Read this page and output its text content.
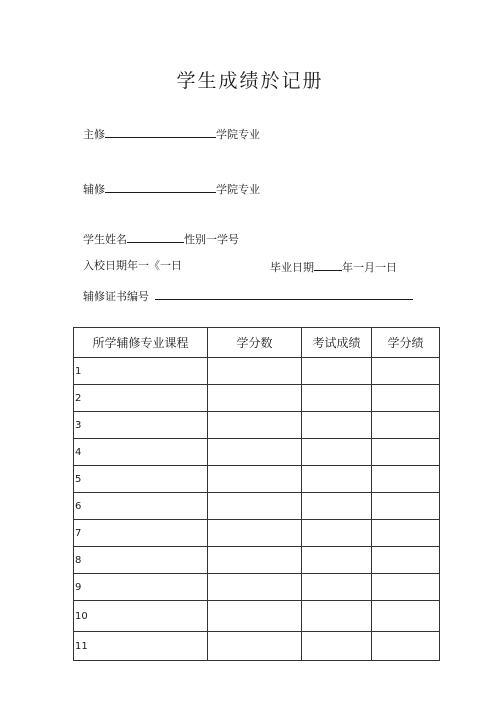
学生成绩於记册
主修	学院专业
辅修	学院专业
学生姓名	性别一学号
入校日期年一《一日	毕业日期	年一月一日
辅修证书编号
所学辅修专业课程	学分数	考试成绩	学分绩
1			
2			
3			
4			
5			
6			
7			
8			
9			
10			
11			
